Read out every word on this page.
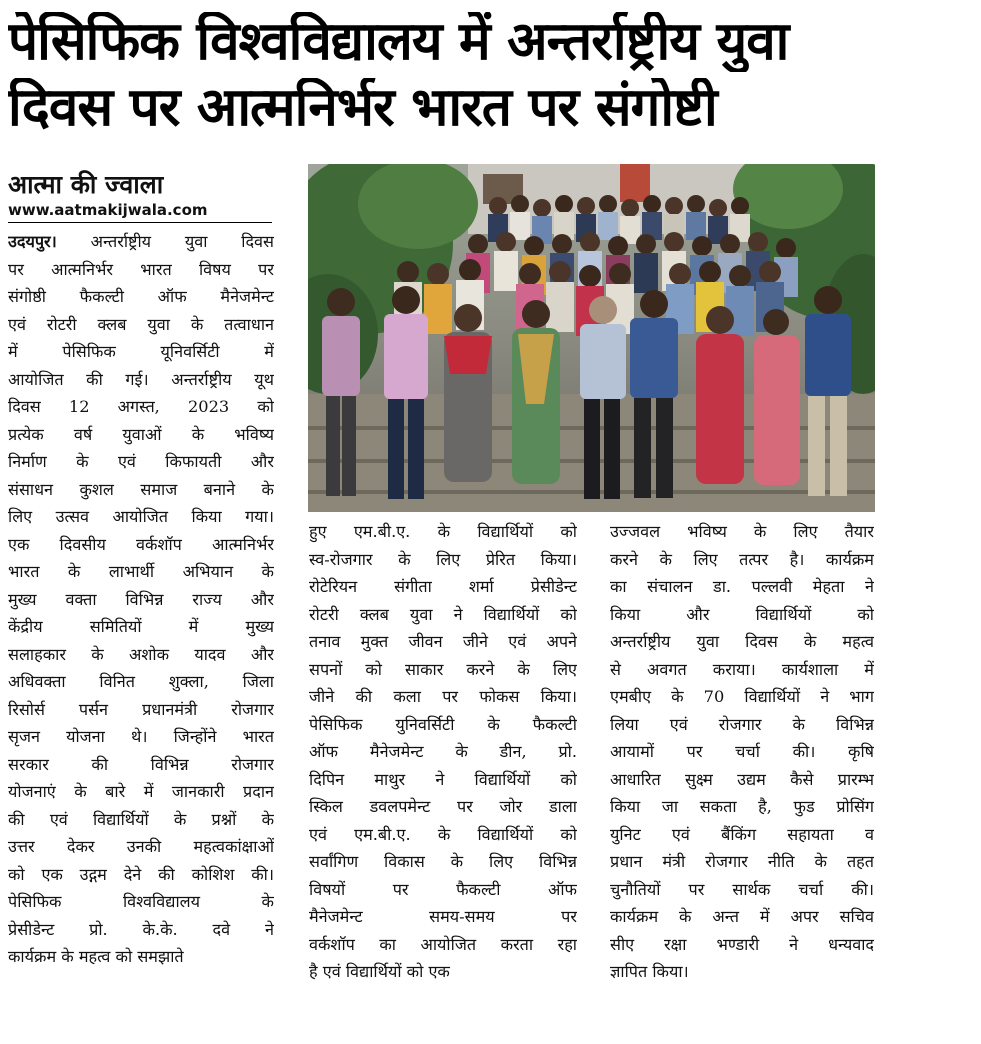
पेसिफिक विश्वविद्यालय में अन्तर्राष्ट्रीय युवा
दिवस पर आत्मनिर्भर भारत पर संगोष्टी
आत्मा की ज्वाला
www.aatmakijwala.com
उदयपुर। अन्तर्राष्ट्रीय युवा दिवस
पर आत्मनिर्भर भारत विषय पर
संगोष्ठी फैकल्टी ऑफ मैनेजमेन्ट
एवं रोटरी क्लब युवा के तत्वाधान
में पेसिफिक यूनिवर्सिटी में
आयोजित की गई। अन्तर्राष्ट्रीय यूथ
दिवस 12 अगस्त, 2023 को
प्रत्येक वर्ष युवाओं के भविष्य
निर्माण के एवं किफायती और
संसाधन कुशल समाज बनाने के
लिए उत्सव आयोजित किया गया।
एक दिवसीय वर्कशॉप आत्मनिर्भर
भारत के लाभार्थी अभियान के
मुख्य वक्ता विभिन्न राज्य और
केंद्रीय समितियों में मुख्य
सलाहकार के अशोक यादव और
अधिवक्ता विनित शुक्ला, जिला
रिसोर्स पर्सन प्रधानमंत्री रोजगार
सृजन योजना थे। जिन्होंने भारत
सरकार की विभिन्न रोजगार
योजनाएं के बारे में जानकारी प्रदान
की एवं विद्यार्थियों के प्रश्नों के
उत्तर देकर उनकी महत्वकांक्षाओं
को एक उद्गम देने की कोशिश की।
पेसिफिक विश्वविद्यालय के
प्रेसीडेन्ट प्रो. के.के. दवे ने
कार्यक्रम के महत्व को समझाते
हुए एम.बी.ए. के विद्यार्थियों को
स्व-रोजगार के लिए प्रेरित किया।
रोटेरियन संगीता शर्मा प्रेसीडेन्ट
रोटरी क्लब युवा ने विद्यार्थियों को
तनाव मुक्त जीवन जीने एवं अपने
सपनों को साकार करने के लिए
जीने की कला पर फोकस किया।
पेसिफिक युनिवर्सिटी के फैकल्टी
ऑफ मैनेजमेन्ट के डीन, प्रो.
दिपिन माथुर ने विद्यार्थियों को
स्किल डवलपमेन्ट पर जोर डाला
एवं एम.बी.ए. के विद्यार्थियों को
सर्वांगिण विकास के लिए विभिन्न
विषयों पर फैकल्टी ऑफ
मैनेजमेन्ट समय-समय पर
वर्कशॉप का आयोजित करता रहा
है एवं विद्यार्थियों को एक
उज्जवल भविष्य के लिए तैयार
करने के लिए तत्पर है। कार्यक्रम
का संचालन डा. पल्लवी मेहता ने
किया और विद्यार्थियों को
अन्तर्राष्ट्रीय युवा दिवस के महत्व
से अवगत कराया। कार्यशाला में
एमबीए के 70 विद्यार्थियों ने भाग
लिया एवं रोजगार के विभिन्न
आयामों पर चर्चा की। कृषि
आधारित सुक्ष्म उद्यम कैसे प्रारम्भ
किया जा सकता है, फुड प्रोसिंग
युनिट एवं बैंकिंग सहायता व
प्रधान मंत्री रोजगार नीति के तहत
चुनौतियों पर सार्थक चर्चा की।
कार्यक्रम के अन्त में अपर सचिव
सीए रक्षा भण्डारी ने धन्यवाद
ज्ञापित किया।
